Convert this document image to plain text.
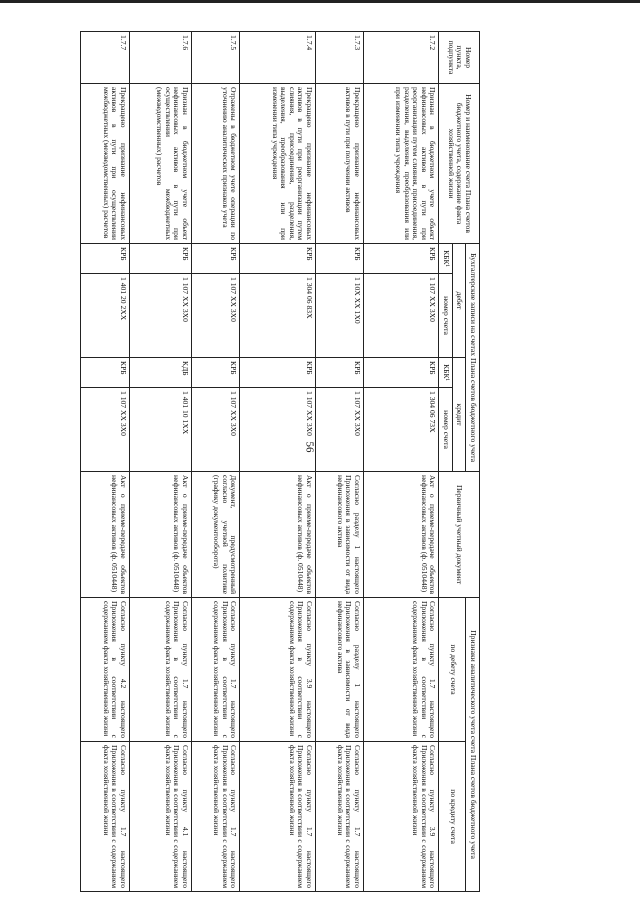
56
Номер пункта, подпункта	Номер и наименование счета Плана счетов бюджетного учета, содержание факта хозяйственной жизни	Бухгалтерские записи на счетах Плана счетов бюджетного учета				Первичный учетный документ	Признаки аналитического учета счета Плана счетов бюджетного учета	
		дебет		кредит			по дебету счета	по кредиту счета
		КБК¹	номер счета	КБК¹	номер счета			
1.7.2	Признан в бюджетном учете объект нефинансовых активов в пути при реорганизации путем слияния, присоединения, разделения, выделения, преобразования или при изменении типа учреждения	КРБ	1 107 XX 3X0	КРБ	1 304 06 73X	Акт о приеме-передаче объектов нефинансовых активов (ф. 0510448)	Согласно пункту 1.7 настоящего Приложения в соответствии с содержанием факта хозяйственной жизни	Согласно пункту 3.9 настоящего Приложения в соответствии с содержанием факта хозяйственной жизни
1.7.3	Прекращено признание нефинансовых активов в пути при получении активов	КРБ	1 10X XX 1X0	КРБ	1 107 XX 3X0	Согласно разделу 1 настоящего Приложения в зависимости от вида нефинансового актива	Согласно разделу 1 настоящего Приложения в зависимости от вида нефинансового актива	Согласно пункту 1.7 настоящего Приложения в соответствии с содержанием факта хозяйственной жизни
1.7.4	Прекращено признание нефинансовых активов в пути при реорганизации путем слияния, присоединения, разделения, выделения, преобразования или при изменении типа учреждения	КРБ	1 304 06 83X	КРБ	1 107 XX 3X0	Акт о приеме-передаче объектов нефинансовых активов (ф. 0510448)	Согласно пункту 3.9 настоящего Приложения в соответствии с содержанием факта хозяйственной жизни	Согласно пункту 1.7 настоящего Приложения в соответствии с содержанием факта хозяйственной жизни
1.7.5	Отражены в бюджетном учете операции по уточнению аналитических признаков учета	КРБ	1 107 XX 3X0	КРБ	1 107 XX 3X0	Документ, предусмотренный согласно учетной политике (графику документооборота)	Согласно пункту 1.7 настоящего Приложения в соответствии с содержанием факта хозяйственной жизни	Согласно пункту 1.7 настоящего Приложения в соответствии с содержанием факта хозяйственной жизни
1.7.6	Признан в бюджетном учете объект нефинансовых активов в пути при осуществлении межбюджетных (межведомственных) расчетов	КРБ	1 107 XX 3X0	КДБ	1 401 10 1XX	Акт о приеме-передаче объектов нефинансовых активов (ф. 0510448)	Согласно пункту 1.7 настоящего Приложения в соответствии с содержанием факта хозяйственной жизни	Согласно пункту 4.1 настоящего Приложения в соответствии с содержанием факта хозяйственной жизни
1.7.7	Прекращено признание нефинансовых активов в пути при осуществлении межбюджетных (межведомственных) расчетов	КРБ	1 401 20 2XX	КРБ	1 107 XX 3X0	Акт о приеме-передаче объектов нефинансовых активов (ф. 0510448)	Согласно пункту 4.2 настоящего Приложения в соответствии с содержанием факта хозяйственной жизни	Согласно пункту 1.7 настоящего Приложения в соответствии с содержанием факта хозяйственной жизни
